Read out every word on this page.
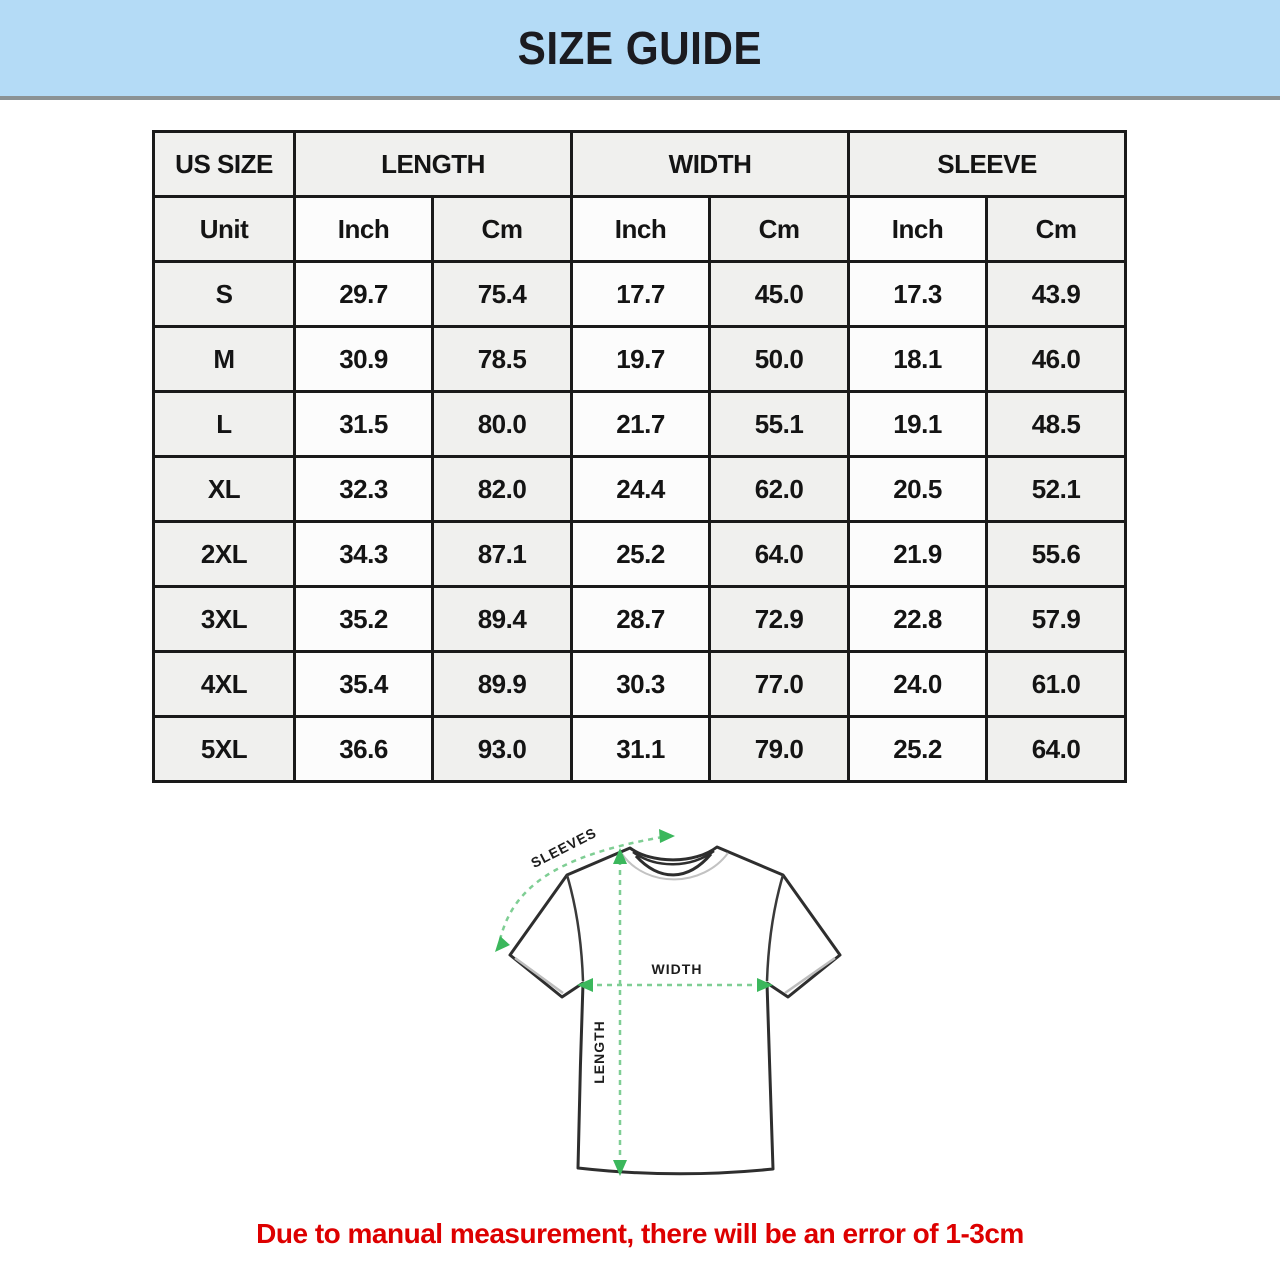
SIZE GUIDE
US SIZE	LENGTH		WIDTH		SLEEVE	
Unit	Inch	Cm	Inch	Cm	Inch	Cm
S	29.7	75.4	17.7	45.0	17.3	43.9
M	30.9	78.5	19.7	50.0	18.1	46.0
L	31.5	80.0	21.7	55.1	19.1	48.5
XL	32.3	82.0	24.4	62.0	20.5	52.1
2XL	34.3	87.1	25.2	64.0	21.9	55.6
3XL	35.2	89.4	28.7	72.9	22.8	57.9
4XL	35.4	89.9	30.3	77.0	24.0	61.0
5XL	36.6	93.0	31.1	79.0	25.2	64.0
SLEEVES
WIDTH
LENGTH
Due to manual measurement, there will be an error of 1-3cm
